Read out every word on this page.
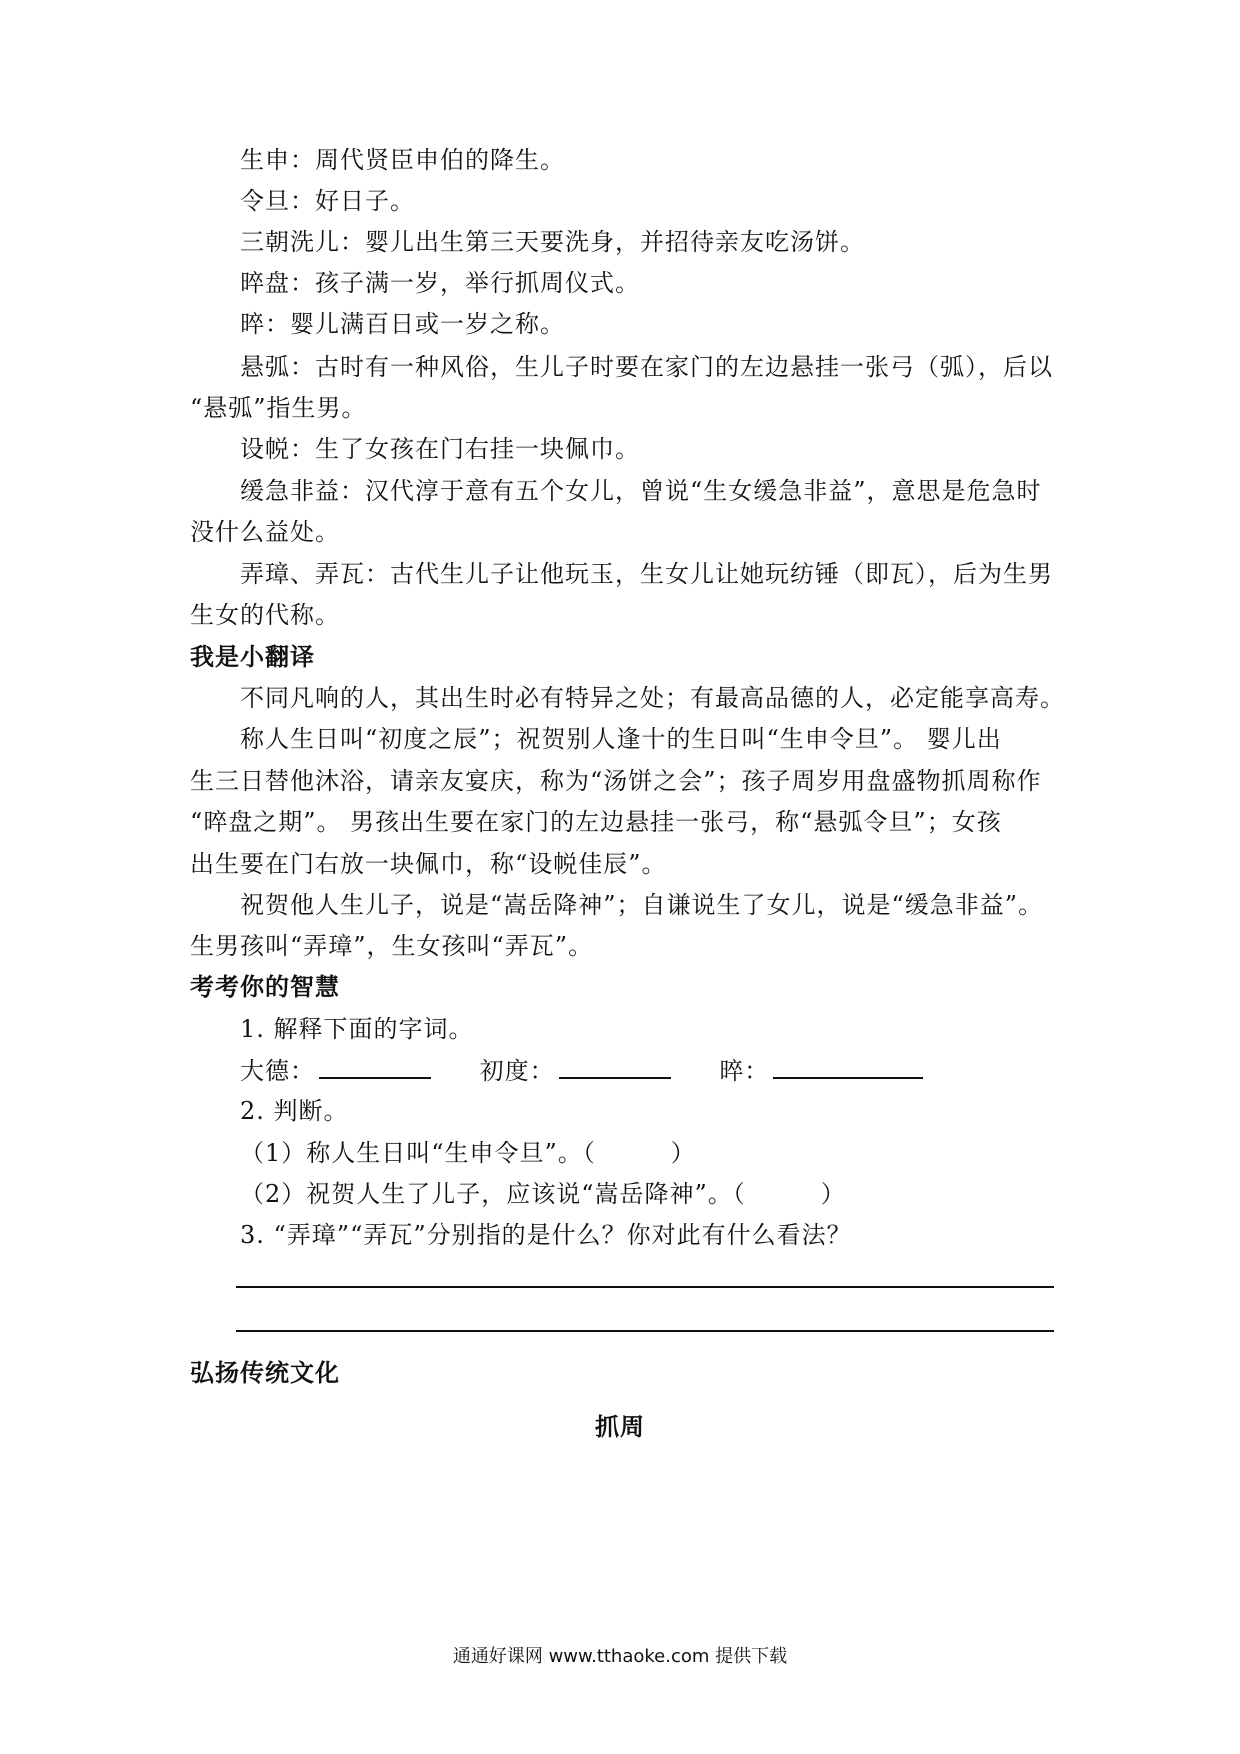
生申：周代贤臣申伯的降生。
令旦：好日子。
三朝洗儿：婴儿出生第三天要洗身，并招待亲友吃汤饼。
晬盘：孩子满一岁，举行抓周仪式。
晬：婴儿满百日或一岁之称。
悬弧：古时有一种风俗，生儿子时要在家门的左边悬挂一张弓（弧），后以
“悬弧”指生男。
设帨：生了女孩在门右挂一块佩巾。
缓急非益：汉代淳于意有五个女儿，曾说“生女缓急非益”，意思是危急时
没什么益处。
弄璋、弄瓦：古代生儿子让他玩玉，生女儿让她玩纺锤（即瓦），后为生男
生女的代称。
我是小翻译
不同凡响的人，其出生时必有特异之处；有最高品德的人，必定能享高寿。
称人生日叫“初度之辰”；祝贺别人逢十的生日叫“生申令旦”。 婴儿出
生三日替他沐浴，请亲友宴庆，称为“汤饼之会”；孩子周岁用盘盛物抓周称作
“晬盘之期”。 男孩出生要在家门的左边悬挂一张弓，称“悬弧令旦”；女孩
出生要在门右放一块佩巾，称“设帨佳辰”。
祝贺他人生儿子，说是“嵩岳降神”；自谦说生了女儿，说是“缓急非益”。
生男孩叫“弄璋”，生女孩叫“弄瓦”。
考考你的智慧
1. 解释下面的字词。
大德：	初度：	晬：
2. 判断。
（1）称人生日叫“生申令旦”。（　　　）
（2）祝贺人生了儿子，应该说“嵩岳降神”。（　　　）
3. “弄璋”“弄瓦”分别指的是什么？你对此有什么看法？
弘扬传统文化
抓周
通通好课网 www.tthaoke.com 提供下载
